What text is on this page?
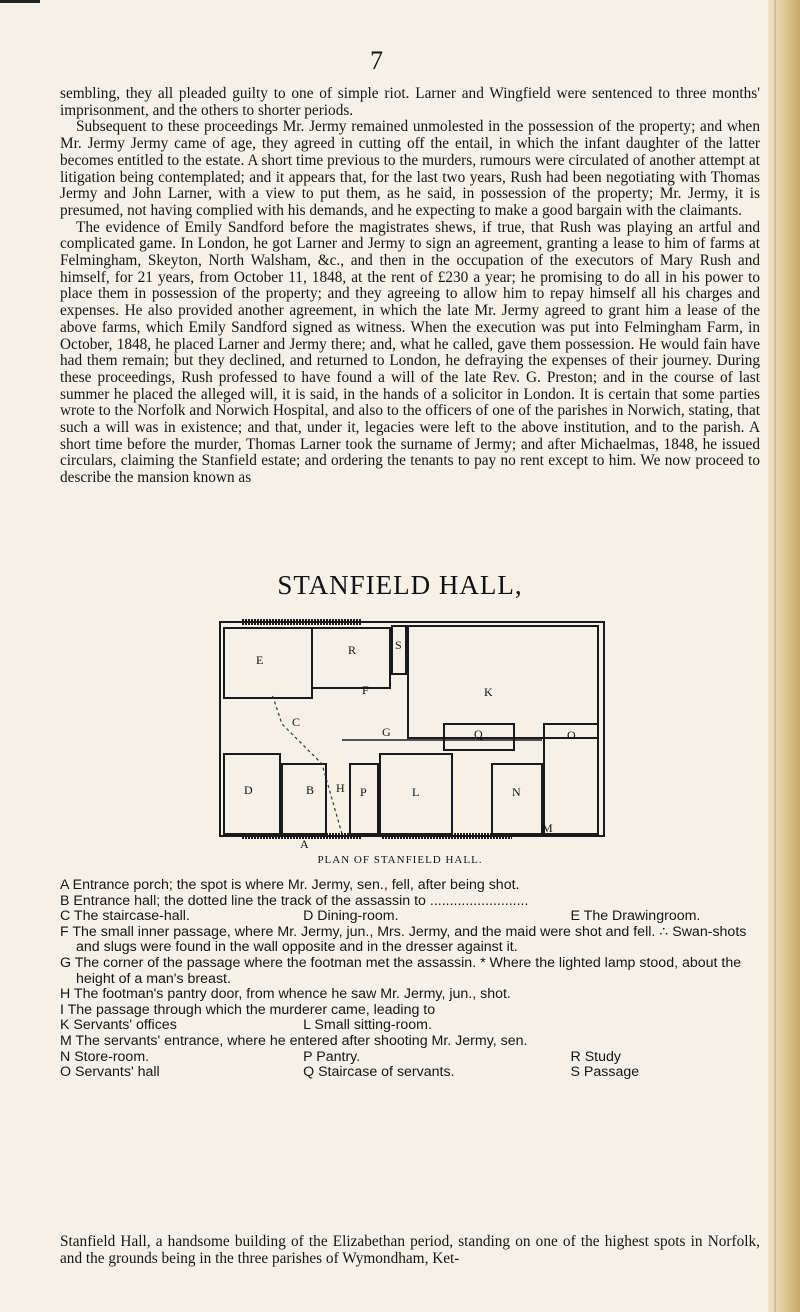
7

sembling, they all pleaded guilty to one of simple riot. Larner and Wingfield were sentenced to three months' imprisonment, and the others to shorter periods.

Subsequent to these proceedings Mr. Jermy remained unmolested in the possession of the property; and when Mr. Jermy Jermy came of age, they agreed in cutting off the entail, in which the infant daughter of the latter becomes entitled to the estate. A short time previous to the murders, rumours were circulated of another attempt at litigation being contemplated; and it appears that, for the last two years, Rush had been negotiating with Thomas Jermy and John Larner, with a view to put them, as he said, in possession of the property; Mr. Jermy, it is presumed, not having complied with his demands, and he expecting to make a good bargain with the claimants.

The evidence of Emily Sandford before the magistrates shews, if true, that Rush was playing an artful and complicated game. In London, he got Larner and Jermy to sign an agreement, granting a lease to him of farms at Felmingham, Skeyton, North Walsham, &c., and then in the occupation of the executors of Mary Rush and himself, for 21 years, from October 11, 1848, at the rent of £230 a year; he promising to do all in his power to place them in possession of the property; and they agreeing to allow him to repay himself all his charges and expenses. He also provided another agreement, in which the late Mr. Jermy agreed to grant him a lease of the above farms, which Emily Sandford signed as witness. When the execution was put into Felmingham Farm, in October, 1848, he placed Larner and Jermy there; and, what he called, gave them possession. He would fain have had them remain; but they declined, and returned to London, he defraying the expenses of their journey. During these proceedings, Rush professed to have found a will of the late Rev. G. Preston; and in the course of last summer he placed the alleged will, it is said, in the hands of a solicitor in London. It is certain that some parties wrote to the Norfolk and Norwich Hospital, and also to the officers of one of the parishes in Norwich, stating, that such a will was in existence; and that, under it, legacies were left to the above institution, and to the parish. A short time before the murder, Thomas Larner took the surname of Jermy; and after Michaelmas, 1848, he issued circulars, claiming the Stanfield estate; and ordering the tenants to pay no rent except to him. We now proceed to describe the mansion known as

STANFIELD HALL,
E
R	S
F	K
C
G	Q	O
D	B H P	L	N
M
A
PLAN OF STANFIELD HALL.

A Entrance porch; the spot is where Mr. Jermy, sen., fell, after being shot.

B Entrance hall; the dotted line the track of the assassin to .........................

C The staircase-hall.	D Dining-room.	E The Drawingroom.

F The small inner passage, where Mr. Jermy, jun., Mrs. Jermy, and the maid were shot and fell. ∴ Swan-shots and slugs were found in the wall opposite and in the dresser against it.

G The corner of the passage where the footman met the assassin. * Where the lighted lamp stood, about the height of a man's breast.

H The footman's pantry door, from whence he saw Mr. Jermy, jun., shot.

I The passage through which the murderer came, leading to

K Servants' offices	L Small sitting-room.

M The servants' entrance, where he entered after shooting Mr. Jermy, sen.

N Store-room.	P Pantry.	R Study
O Servants' hall	Q Staircase of servants.	S Passage

Stanfield Hall, a handsome building of the Elizabethan period, standing on one of the highest spots in Norfolk, and the grounds being in the three parishes of Wymondham, Ket-
